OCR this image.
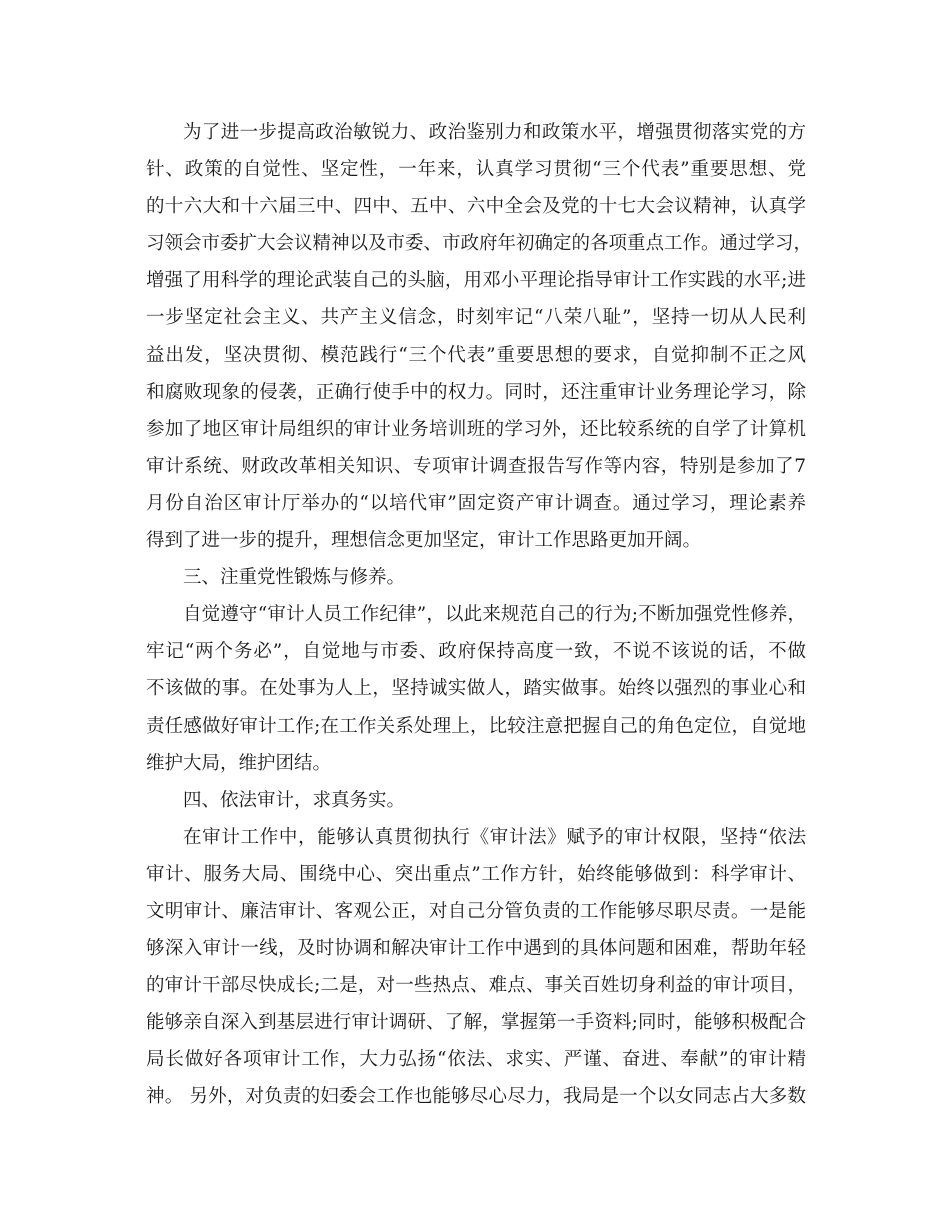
为了进一步提高政治敏锐力、政治鉴别力和政策水平，增强贯彻落实党的方
针、政策的自觉性、坚定性，一年来，认真学习贯彻“三个代表”重要思想、党
的十六大和十六届三中、四中、五中、六中全会及党的十七大会议精神，认真学
习领会市委扩大会议精神以及市委、市政府年初确定的各项重点工作。通过学习，
增强了用科学的理论武装自己的头脑，用邓小平理论指导审计工作实践的水平;进
一步坚定社会主义、共产主义信念，时刻牢记“八荣八耻”，坚持一切从人民利
益出发，坚决贯彻、模范践行“三个代表”重要思想的要求，自觉抑制不正之风
和腐败现象的侵袭，正确行使手中的权力。同时，还注重审计业务理论学习，除
参加了地区审计局组织的审计业务培训班的学习外，还比较系统的自学了计算机
审计系统、财政改革相关知识、专项审计调查报告写作等内容，特别是参加了7
月份自治区审计厅举办的“以培代审”固定资产审计调查。通过学习，理论素养
得到了进一步的提升，理想信念更加坚定，审计工作思路更加开阔。
三、注重党性锻炼与修养。
自觉遵守“审计人员工作纪律”，以此来规范自己的行为;不断加强党性修养，
牢记“两个务必”，自觉地与市委、政府保持高度一致，不说不该说的话，不做
不该做的事。在处事为人上，坚持诚实做人，踏实做事。始终以强烈的事业心和
责任感做好审计工作;在工作关系处理上，比较注意把握自己的角色定位，自觉地
维护大局，维护团结。
四、依法审计，求真务实。
在审计工作中，能够认真贯彻执行《审计法》赋予的审计权限，坚持“依法
审计、服务大局、围绕中心、突出重点”工作方针，始终能够做到：科学审计、
文明审计、廉洁审计、客观公正，对自己分管负责的工作能够尽职尽责。一是能
够深入审计一线，及时协调和解决审计工作中遇到的具体问题和困难，帮助年轻
的审计干部尽快成长;二是，对一些热点、难点、事关百姓切身利益的审计项目，
能够亲自深入到基层进行审计调研、了解，掌握第一手资料;同时，能够积极配合
局长做好各项审计工作，大力弘扬“依法、求实、严谨、奋进、奉献”的审计精
神。 另外，对负责的妇委会工作也能够尽心尽力，我局是一个以女同志占大多数
